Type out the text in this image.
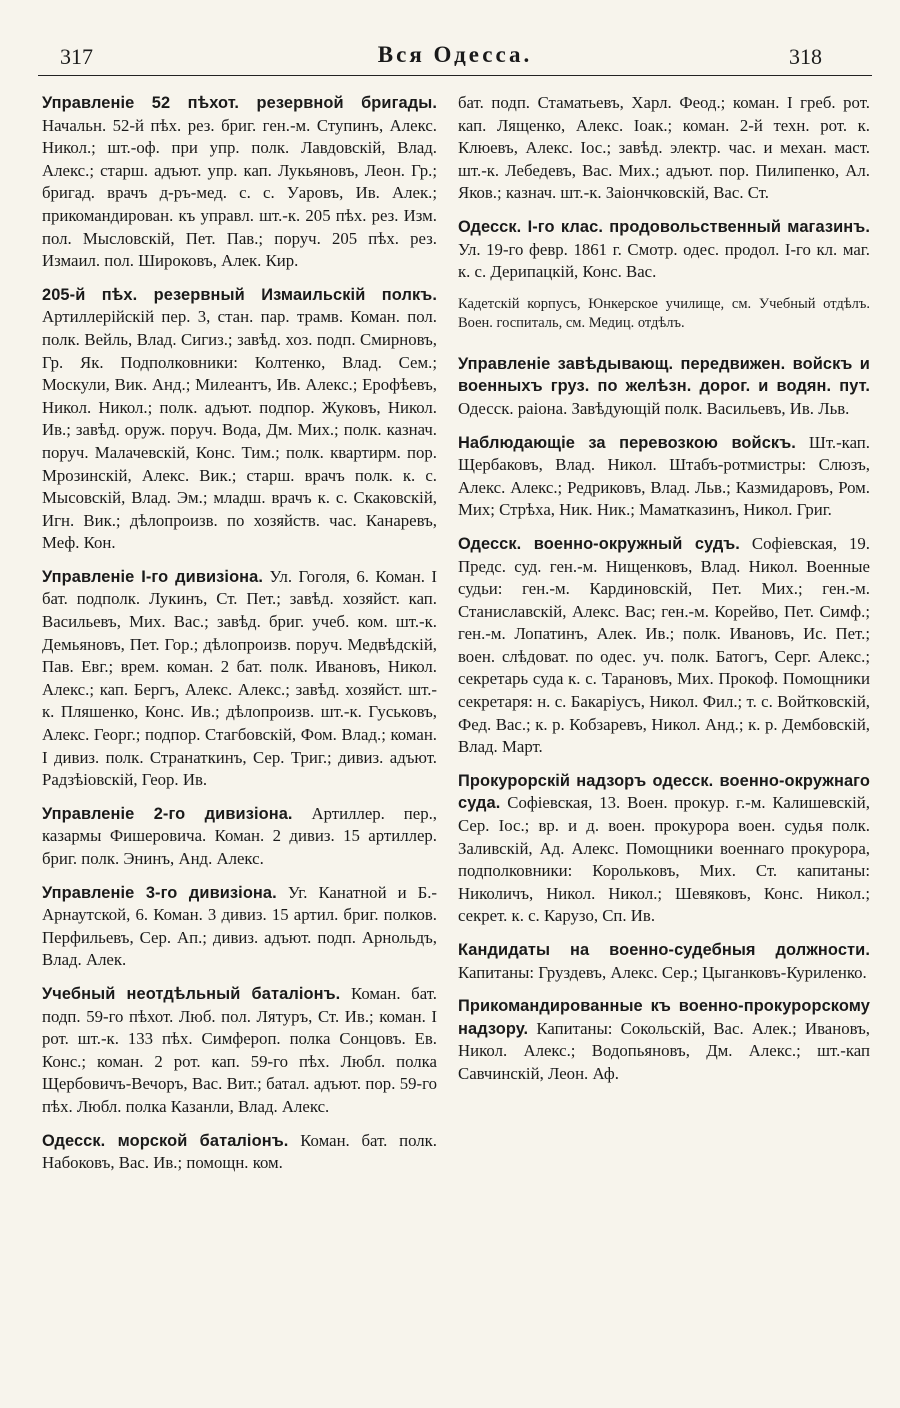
317	Вся Одесса.	318
Управленіе 52 пѣхот. резервной бригады. Начальн. 52-й пѣх. рез. бриг. ген.-м. Ступинъ, Алекс. Никол.; шт.-оф. при упр. полк. Лавдовскій, Влад. Алекс.; старш. адъют. упр. кап. Лукьяновъ, Леон. Гр.; бригад. врачъ д-ръ-мед. с. с. Уаровъ, Ив. Алек.; прикомандирован. къ управл. шт.-к. 205 пѣх. рез. Изм. пол. Мысловскій, Пет. Пав.; поруч. 205 пѣх. рез. Измаил. пол. Широковъ, Алек. Кир.
205-й пѣх. резервный Измаильскій полкъ. Артиллерійскій пер. 3, стан. пар. трамв. Коман. пол. полк. Вейль, Влад. Сигиз.; завѣд. хоз. подп. Смирновъ, Гр. Як. Подполковники: Колтенко, Влад. Сем.; Москули, Вик. Анд.; Милеантъ, Ив. Алекс.; Ерофѣевъ, Никол. Никол.; полк. адъют. подпор. Жуковъ, Никол. Ив.; завѣд. оруж. поруч. Вода, Дм. Мих.; полк. казнач. поруч. Малачевскій, Конс. Тим.; полк. квартирм. пор. Мрозинскій, Алекс. Вик.; старш. врачъ полк. к. с. Мысовскій, Влад. Эм.; младш. врачъ к. с. Скаковскій, Игн. Вик.; дѣлопроизв. по хозяйств. час. Канаревъ, Меф. Кон.
Управленіе I-го дивизіона. Ул. Гоголя, 6. Коман. I бат. подполк. Лукинъ, Ст. Пет.; завѣд. хозяйст. кап. Васильевъ, Мих. Вас.; завѣд. бриг. учеб. ком. шт.-к. Демьяновъ, Пет. Гор.; дѣлопроизв. поруч. Медвѣдскій, Пав. Евг.; врем. коман. 2 бат. полк. Ивановъ, Никол. Алекс.; кап. Бергъ, Алекс. Алекс.; завѣд. хозяйст. шт.-к. Пляшенко, Конс. Ив.; дѣлопроизв. шт.-к. Гуськовъ, Алекс. Георг.; подпор. Стагбовскій, Фом. Влад.; коман. I дивиз. полк. Странаткинъ, Сер. Триг.; дивиз. адъют. Радзѣіовскій, Геор. Ив.
Управленіе 2-го дивизіона. Артиллер. пер., казармы Фишеровича. Коман. 2 дивиз. 15 артиллер. бриг. полк. Энинъ, Анд. Алекс.
Управленіе 3-го дивизіона. Уг. Канатной и Б.-Арнаутской, 6. Коман. 3 дивиз. 15 артил. бриг. полков. Перфильевъ, Сер. Ап.; дивиз. адъют. подп. Арнольдъ, Влад. Алек.
Учебный неотдѣльный баталіонъ. Коман. бат. подп. 59-го пѣхот. Люб. пол. Лятуръ, Ст. Ив.; коман. I рот. шт.-к. 133 пѣх. Симфероп. полка Сонцовъ. Ев. Конс.; коман. 2 рот. кап. 59-го пѣх. Любл. полка Щербовичъ-Вечоръ, Вас. Вит.; батал. адъют. пор. 59-го пѣх. Любл. полка Казанли, Влад. Алекс.
Одесск. морской баталіонъ. Коман. бат. полк. Набоковъ, Вас. Ив.; помощн. ком.
бат. подп. Стаматьевъ, Харл. Феод.; коман. I греб. рот. кап. Лященко, Алекс. Іоак.; коман. 2-й техн. рот. к. Клюевъ, Алекс. Іос.; завѣд. электр. час. и механ. маст. шт.-к. Лебедевъ, Вас. Мих.; адъют. пор. Пилипенко, Ал. Яков.; казнач. шт.-к. Заіончковскій, Вас. Ст.
Одесск. I-го клас. продовольственный магазинъ. Ул. 19-го февр. 1861 г. Смотр. одес. продол. I-го кл. маг. к. с. Дерипацкій, Конс. Вас.
Кадетскій корпусъ, Юнкерское училище, см. Учебный отдѣлъ. Воен. госпиталь, см. Медиц. отдѣлъ.
Управленіе завѣдывающ. передвижен. войскъ и военныхъ груз. по желѣзн. дорог. и водян. пут. Одесск. раіона. Завѣдующій полк. Васильевъ, Ив. Льв.
Наблюдающіе за перевозкою войскъ. Шт.-кап. Щербаковъ, Влад. Никол. Штабъ-ротмистры: Слюзъ, Алекс. Алекс.; Редриковъ, Влад. Льв.; Казмидаровъ, Ром. Мих; Стрѣха, Ник. Ник.; Маматказинъ, Никол. Григ.
Одесск. военно-окружный судъ. Софіевская, 19. Предс. суд. ген.-м. Нищенковъ, Влад. Никол. Военные судьи: ген.-м. Кардиновскій, Пет. Мих.; ген.-м. Станиславскій, Алекс. Вас; ген.-м. Корейво, Пет. Симф.; ген.-м. Лопатинъ, Алек. Ив.; полк. Ивановъ, Ис. Пет.; воен. слѣдоват. по одес. уч. полк. Батогъ, Серг. Алекс.; секретарь суда к. с. Тарановъ, Мих. Прокоф. Помощники секретаря: н. с. Бакаріусъ, Никол. Фил.; т. с. Войтковскій, Фед. Вас.; к. р. Кобзаревъ, Никол. Анд.; к. р. Дембовскій, Влад. Март.
Прокурорскій надзоръ одесск. военно-окружнаго суда. Софіевская, 13. Воен. прокур. г.-м. Калишевскій, Сер. Іос.; вр. и д. воен. прокурора воен. судья полк. Заливскій, Ад. Алекс. Помощники военнаго прокурора, подполковники: Корольковъ, Мих. Ст. капитаны: Николичъ, Никол. Никол.; Шевяковъ, Конс. Никол.; секрет. к. с. Карузо, Сп. Ив.
Кандидаты на военно-судебныя должности. Капитаны: Груздевъ, Алекс. Сер.; Цыганковъ-Куриленко.
Прикомандированные къ военно-прокурорскому надзору. Капитаны: Сокольскій, Вас. Алек.; Ивановъ, Никол. Алекс.; Водопьяновъ, Дм. Алекс.; шт.-кап Савчинскій, Леон. Аф.
